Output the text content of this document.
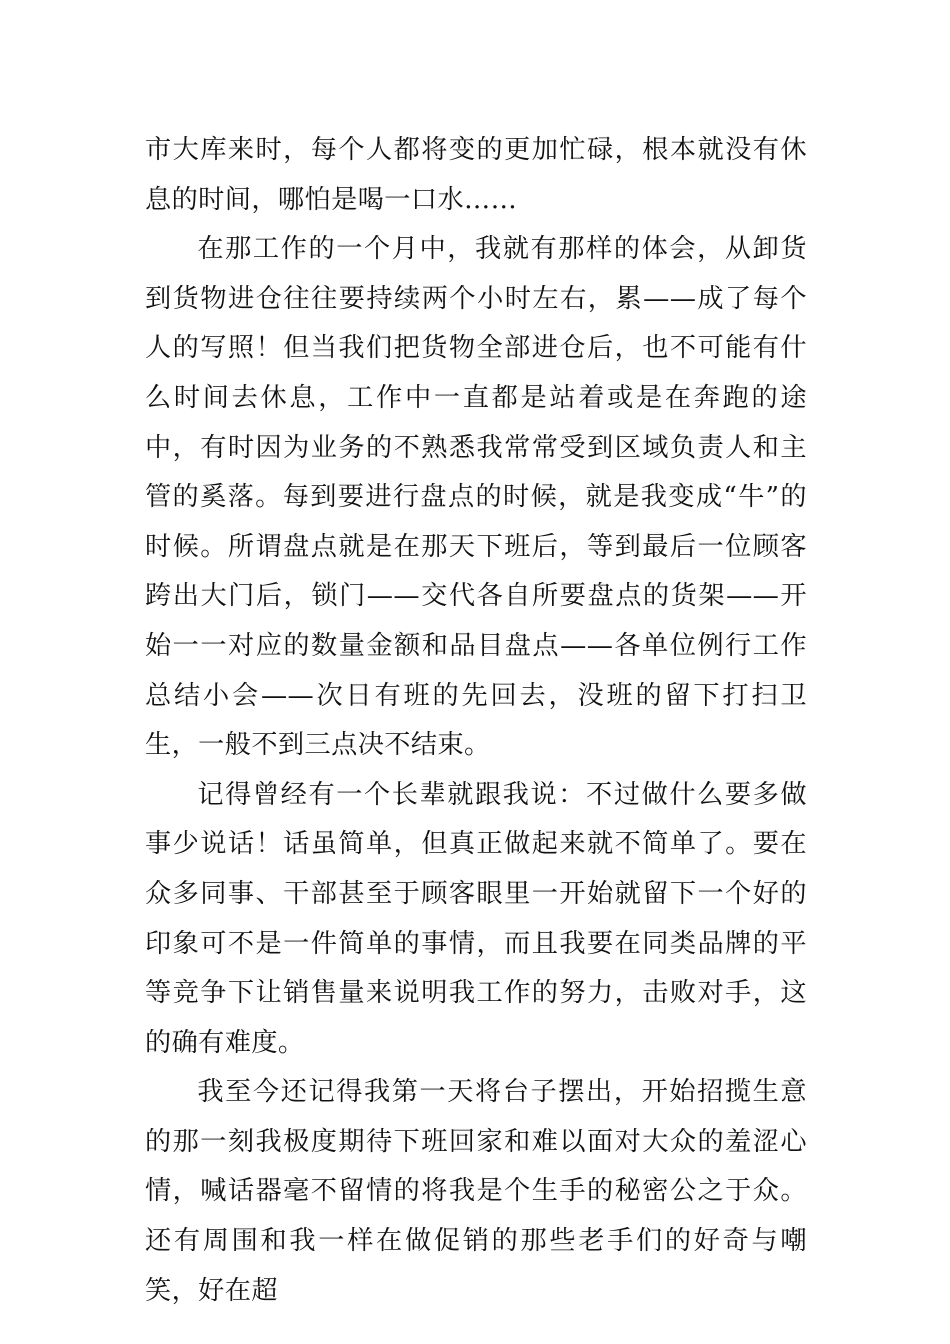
市大库来时，每个人都将变的更加忙碌，根本就没有休息的时间，哪怕是喝一口水……

在那工作的一个月中，我就有那样的体会，从卸货到货物进仓往往要持续两个小时左右，累——成了每个人的写照！但当我们把货物全部进仓后，也不可能有什么时间去休息，工作中一直都是站着或是在奔跑的途中，有时因为业务的不熟悉我常常受到区域负责人和主管的奚落。每到要进行盘点的时候，就是我变成“牛”的时候。所谓盘点就是在那天下班后，等到最后一位顾客跨出大门后，锁门——交代各自所要盘点的货架——开始一一对应的数量金额和品目盘点——各单位例行工作总结小会——次日有班的先回去，没班的留下打扫卫生，一般不到三点决不结束。

记得曾经有一个长辈就跟我说：不过做什么要多做事少说话！话虽简单，但真正做起来就不简单了。要在众多同事、干部甚至于顾客眼里一开始就留下一个好的印象可不是一件简单的事情，而且我要在同类品牌的平等竞争下让销售量来说明我工作的努力，击败对手，这的确有难度。

我至今还记得我第一天将台子摆出，开始招揽生意的那一刻我极度期待下班回家和难以面对大众的羞涩心情，喊话器毫不留情的将我是个生手的秘密公之于众。还有周围和我一样在做促销的那些老手们的好奇与嘲笑，好在超
